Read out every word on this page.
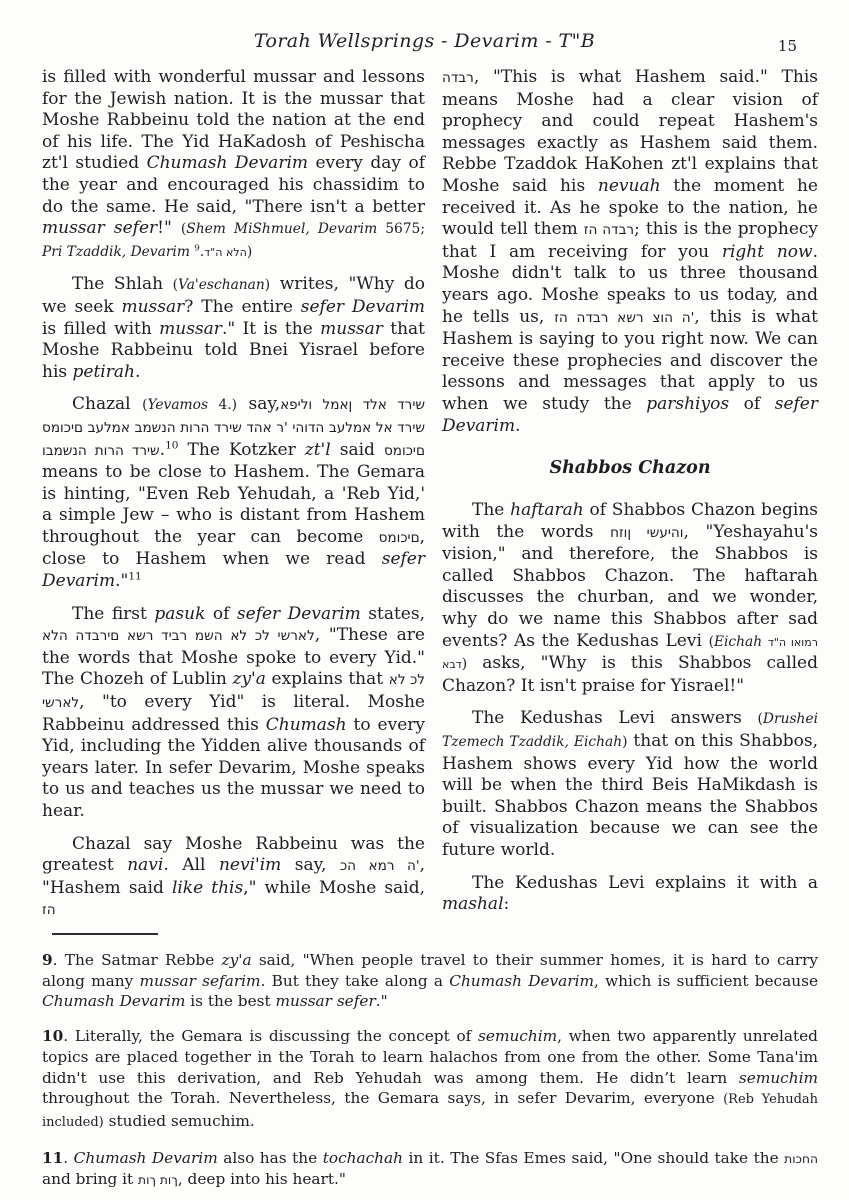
Torah Wellsprings - Devarim - T"B	15

is filled with wonderful mussar and lessons for the Jewish nation. It is the mussar that Moshe Rabbeinu told the nation at the end of his life. The Yid HaKadosh of Peshischa zt'l studied Chumash Devarim every day of the year and encouraged his chassidim to do the same. He said, "There isn't a better mussar sefer!" (Shem MiShmuel, Devarim 5675; Pri Tzaddik, Devarim $^9$.ד"ה אלה)

The Shlah (Va'eschanan) writes, "Why do we seek mussar? The entire sefer Devarim is filled with mussar." It is the mussar that Moshe Rabbeinu told Bnei Yisrael before his petirah.

Chazal (Yevamos 4.) say,אפילו למאן דלא דריש סמוכים בעלמא במשנה תורה דריש דהא ר' יהודה בעלמא לא דריש ובמשנה תורה דריש.$^{10}$ The Kotzker zt'l said סמוכים means to be close to Hashem. The Gemara is hinting, "Even Reb Yehudah, a 'Reb Yid,' a simple Jew – who is distant from Hashem throughout the year can become סמוכים, close to Hashem when we read sefer Devarim."$^{11}$

The first pasuk of sefer Devarim states, אלה הדברים אשר דיבר משה אל כל ישראל, "These are the words that Moshe spoke to every Yid." The Chozeh of Lublin zy'a explains that אל כל ישראל, "to every Yid" is literal. Moshe Rabbeinu addressed this Chumash to every Yid, including the Yidden alive thousands of years later. In sefer Devarim, Moshe speaks to us and teaches us the mussar we need to hear.

Chazal say Moshe Rabbeinu was the greatest navi. All nevi'im say, כה אמר ה', "Hashem said like this," while Moshe said, זה

הדבר, "This is what Hashem said." This means Moshe had a clear vision of prophecy and could repeat Hashem's messages exactly as Hashem said them. Rebbe Tzaddok HaKohen zt'l explains that Moshe said his nevuah the moment he received it. As he spoke to the nation, he would tell them זה הדבר; this is the prophecy that I am receiving for you right now. Moshe didn't talk to us three thousand years ago. Moshe speaks to us today, and he tells us, זה הדבר אשר צוה ה', this is what Hashem is saying to you right now. We can receive these prophecies and discover the lessons and messages that apply to us when we study the parshiyos of sefer Devarim.

Shabbos Chazon

The haftarah of Shabbos Chazon begins with the words חזון ישעיהו, "Yeshayahu's vision," and therefore, the Shabbos is called Shabbos Chazon. The haftarah discusses the churban, and we wonder, why do we name this Shabbos after sad events? As the Kedushas Levi (Eichah ד"ה ואומר אבד) asks, "Why is this Shabbos called Chazon? It isn't praise for Yisrael!"

The Kedushas Levi answers (Drushei Tzemech Tzaddik, Eichah) that on this Shabbos, Hashem shows every Yid how the world will be when the third Beis HaMikdash is built. Shabbos Chazon means the Shabbos of visualization because we can see the future world.

The Kedushas Levi explains it with a mashal:

9. The Satmar Rebbe zy'a said, "When people travel to their summer homes, it is hard to carry along many mussar sefarim. But they take along a Chumash Devarim, which is sufficient because Chumash Devarim is the best mussar sefer."

10. Literally, the Gemara is discussing the concept of semuchim, when two apparently unrelated topics are placed together in the Torah to learn halachos from one from the other. Some Tana'im didn't use this derivation, and Reb Yehudah was among them. He didn’t learn semuchim throughout the Torah. Nevertheless, the Gemara says, in sefer Devarim, everyone (Reb Yehudah included) studied semuchim.

11. Chumash Devarim also has the tochachah in it. The Sfas Emes said, "One should take the תוכחה and bring it תוך תוך, deep into his heart."
